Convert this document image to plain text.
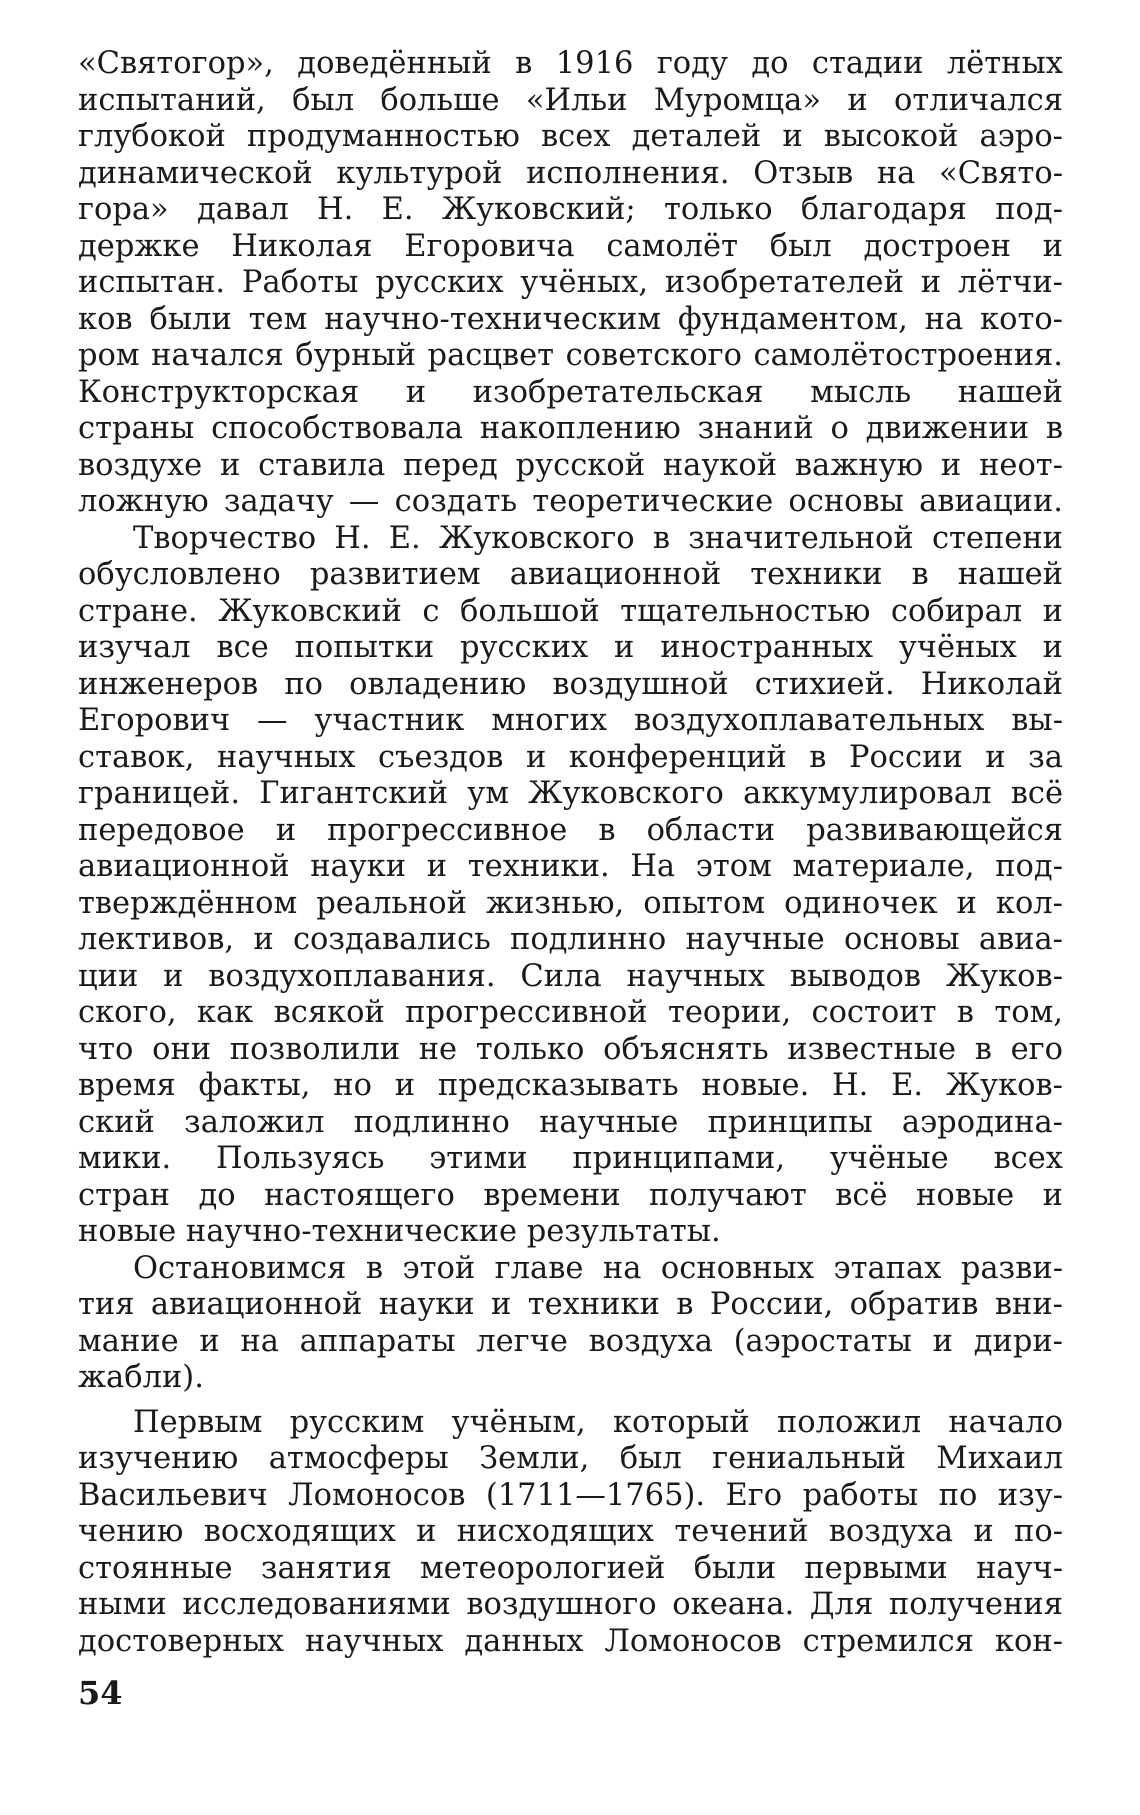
«Святогор», доведённый в 1916 году до стадии лётных
испытаний, был больше «Ильи Муромца» и отличался
глубокой продуманностью всех деталей и высокой аэро-
динамической культурой исполнения. Отзыв на «Свято-
гора» давал Н. Е. Жуковский; только благодаря под-
держке Николая Егоровича самолёт был достроен и
испытан. Работы русских учёных, изобретателей и лётчи-
ков были тем научно-техническим фундаментом, на кото-
ром начался бурный расцвет советского самолётостроения.
Конструкторская и изобретательская мысль нашей
страны способствовала накоплению знаний о движении в
воздухе и ставила перед русской наукой важную и неот-
ложную задачу — создать теоретические основы авиации.
Творчество Н. Е. Жуковского в значительной степени
обусловлено развитием авиационной техники в нашей
стране. Жуковский с большой тщательностью собирал и
изучал все попытки русских и иностранных учёных и
инженеров по овладению воздушной стихией. Николай
Егорович — участник многих воздухоплавательных вы-
ставок, научных съездов и конференций в России и за
границей. Гигантский ум Жуковского аккумулировал всё
передовое и прогрессивное в области развивающейся
авиационной науки и техники. На этом материале, под-
тверждённом реальной жизнью, опытом одиночек и кол-
лективов, и создавались подлинно научные основы авиа-
ции и воздухоплавания. Сила научных выводов Жуков-
ского, как всякой прогрессивной теории, состоит в том,
что они позволили не только объяснять известные в его
время факты, но и предсказывать новые. Н. Е. Жуков-
ский заложил подлинно научные принципы аэродина-
мики. Пользуясь этими принципами, учёные всех
стран до настоящего времени получают всё новые и
новые научно-технические результаты.
Остановимся в этой главе на основных этапах разви-
тия авиационной науки и техники в России, обратив вни-
мание и на аппараты легче воздуха (аэростаты и дири-
жабли).
Первым русским учёным, который положил начало
изучению атмосферы Земли, был гениальный Михаил
Васильевич Ломоносов (1711—1765). Его работы по изу-
чению восходящих и нисходящих течений воздуха и по-
стоянные занятия метеорологией были первыми науч-
ными исследованиями воздушного океана. Для получения
достоверных научных данных Ломоносов стремился кон-
54
